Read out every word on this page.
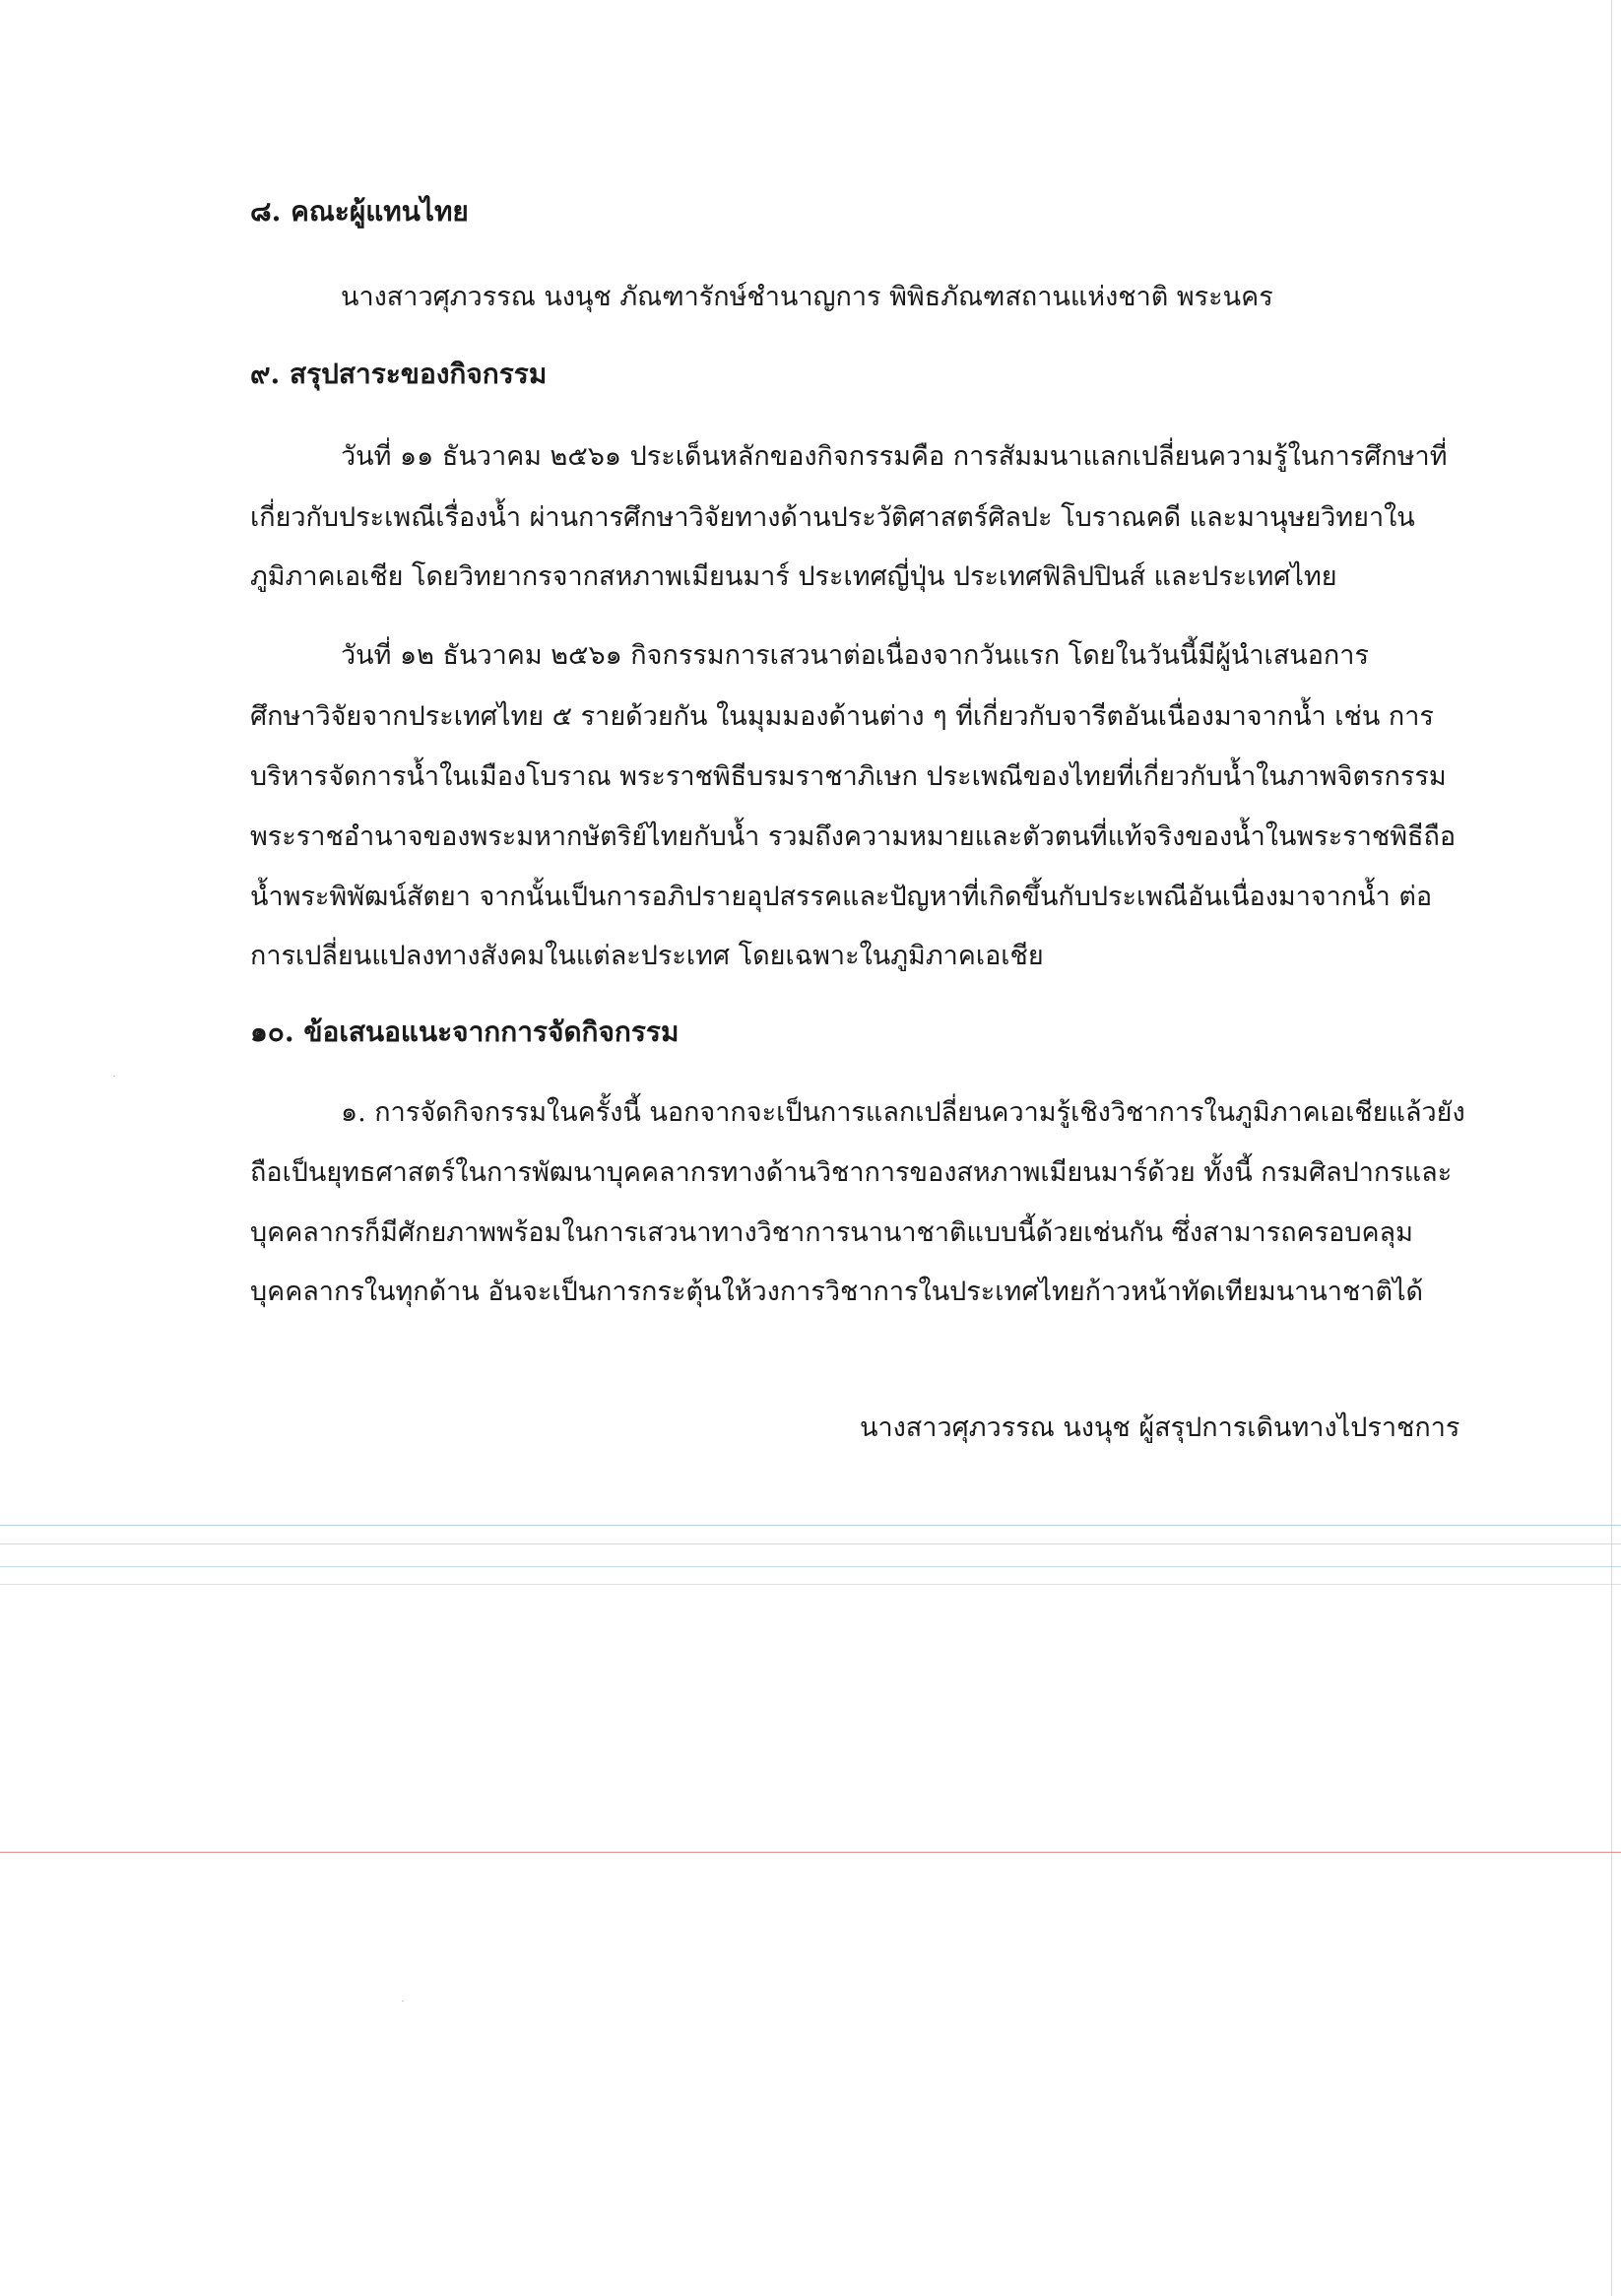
๘. คณะผู้แทนไทย
นางสาวศุภวรรณ นงนุช ภัณฑารักษ์ชำนาญการ พิพิธภัณฑสถานแห่งชาติ พระนคร
๙. สรุปสาระของกิจกรรม
วันที่ ๑๑ ธันวาคม ๒๕๖๑ ประเด็นหลักของกิจกรรมคือ การสัมมนาแลกเปลี่ยนความรู้ในการศึกษาที่
เกี่ยวกับประเพณีเรื่องน้ำ ผ่านการศึกษาวิจัยทางด้านประวัติศาสตร์ศิลปะ โบราณคดี และมานุษยวิทยาใน
ภูมิภาคเอเชีย โดยวิทยากรจากสหภาพเมียนมาร์ ประเทศญี่ปุ่น ประเทศฟิลิปปินส์ และประเทศไทย
วันที่ ๑๒ ธันวาคม ๒๕๖๑ กิจกรรมการเสวนาต่อเนื่องจากวันแรก โดยในวันนี้มีผู้นำเสนอการ
ศึกษาวิจัยจากประเทศไทย ๕ รายด้วยกัน ในมุมมองด้านต่าง ๆ ที่เกี่ยวกับจารีตอันเนื่องมาจากน้ำ เช่น การ
บริหารจัดการน้ำในเมืองโบราณ พระราชพิธีบรมราชาภิเษก ประเพณีของไทยที่เกี่ยวกับน้ำในภาพจิตรกรรม
พระราชอำนาจของพระมหากษัตริย์ไทยกับน้ำ รวมถึงความหมายและตัวตนที่แท้จริงของน้ำในพระราชพิธีถือ
น้ำพระพิพัฒน์สัตยา จากนั้นเป็นการอภิปรายอุปสรรคและปัญหาที่เกิดขึ้นกับประเพณีอันเนื่องมาจากน้ำ ต่อ
การเปลี่ยนแปลงทางสังคมในแต่ละประเทศ โดยเฉพาะในภูมิภาคเอเชีย
๑๐. ข้อเสนอแนะจากการจัดกิจกรรม
๑. การจัดกิจกรรมในครั้งนี้ นอกจากจะเป็นการแลกเปลี่ยนความรู้เชิงวิชาการในภูมิภาคเอเชียแล้วยัง
ถือเป็นยุทธศาสตร์ในการพัฒนาบุคคลากรทางด้านวิชาการของสหภาพเมียนมาร์ด้วย ทั้งนี้ กรมศิลปากรและ
บุคคลากรก็มีศักยภาพพร้อมในการเสวนาทางวิชาการนานาชาติแบบนี้ด้วยเช่นกัน ซึ่งสามารถครอบคลุม
บุคคลากรในทุกด้าน อันจะเป็นการกระตุ้นให้วงการวิชาการในประเทศไทยก้าวหน้าทัดเทียมนานาชาติได้
นางสาวศุภวรรณ นงนุช ผู้สรุปการเดินทางไปราชการ
